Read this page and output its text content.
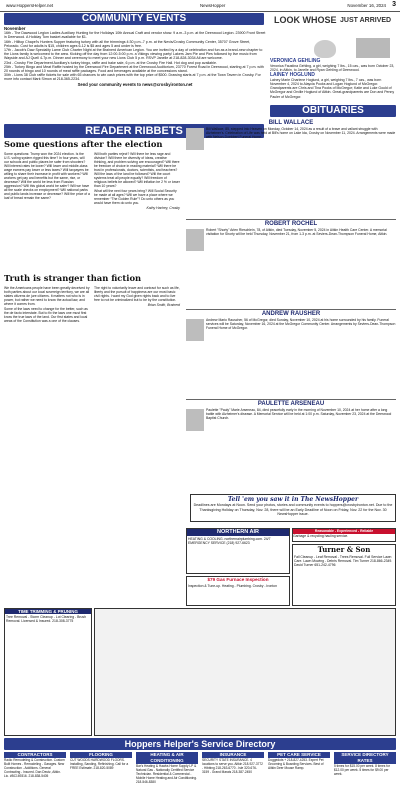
www.HoppersHelper.net	NewsHopper	November 16, 2024 3
COMMUNITY EVENTS

November

16th - The Dawwood Legion Ladies Auxiliary Hunting for the Holidays 10th Annual Craft and vendor show. 9 a.m.-3 p.m. at the Deerwood Legion. 23900 Front Street in Deerwood. A Holiday Tom basket available for $1.

16th - Hilltop Chapel's Hunters Supper featuring turkey with all the trimmings 4:30 p.m.-7 p.m. at the Nevis/Crosby Community Center, 35707 Grove Street, Pelorado. Cost for adults is $15, children ages 6-12 is $5 and ages 5 and under is free.

17th - Jacob's Daw Speciality Lame Club Charter Night at the Brainerd American Legion. You are invited by a day of celebration and fun as a brand-new chapter to the Lions family is welcomed to the area. Kicking off the day from 12:00-5:00 p.m. a Vikings viewing party! Lakers Jam Pie and Pies followed by live music from Wayside and AJ Quell 4-7p.m. Dinner and ceremony to meet your new Lions Club 5 p.m. RSVP Janelle at 218-828-3034 All are welcome.

23rd - Crosby Fire Department Auxiliary's turkey bingo, raffle and bake sale, 6 p.m. at the Crosby Fire Hall. Hot dog and pop available.

25th - Turkey Bingo and Meat Raffle hosted by the Deerwood Fire Department at the Deerwood Auditorium, 23770 Forest Road in Deerwood, starting at 7 p.m. with 20 rounds of bingo and 10 rounds of meat raffle packages. Food and beverages available at the concessions stand.

30th - Lions 38 Club raffle tickets for sale with 65 chances to win cash prizes with the top prize of $500. Drawing starts at 7 p.m. at the Town Tavern in Crosby. For more info contact Mark Simon at 218-365-2234.

Send your community events to news@crosbyironton.net

LOOK WHOSE JUST ARRIVED
VERONICA GEHLING
Veronica Faustina Gehling, a girl, weighing 7 lbs., 15 ozs., was born October 23, 2024, in Aitkin, to Janelle and Ryan Gehling of Deerwood.
LAINEY HOGLUND
Lainey Marie Charlene Hoglund, a girl, weighing 7 lbs., 7 ozs., was born November 4, 2024 to Alaycia Pooks and Logan Hoglund of McGregor. Grandparents are Chris and Tina Pooks of McGregor; Katie and Luke Gould of McGregor and Orville Hoglund of Aitkin. Great-grandparents are Don and Penny Pauler of McGregor.
READER RIBBETS
Some questions after the election

Some questions: Trump won the 2024 election. Is the U.S. voting system rigged this time? In four years, will our schools and public places be safer from shooters? Will interest rates be lower? Will lower and middle-class wage earners pay lower or less taxes? Will taxpayers be willing to share their increase in profit with workers? Will workers get pay and benefits but the same, rise, or decrease? Will the world be less from Russian aggression? Will this global world be safer? Will we have all the scale checks on employment? Will national parks and public lands increase or decrease? Will the price of a loaf of bread remain the same?

Will both parties reject? Will there be less rage and division? Will there be diversity of ideas, creative thinking, and problem solving are encouraged? Will there be freedom of choice in reading material? Will there be trust in professionals, doctors, scientists, and teachers? Will the laws of the land be followed? Will the court systems treat all people equally? Will freedom of religious beliefs be allowed? Will inflation be 2 % or lower than 10 years?

What will the next four years bring? Will Social Security be made at all ages? Will we have a place where we remember “The Golden Rule”? Do unto others as you would have them do unto you.

Kathy Hachey, Crosby

Truth is stranger than fiction

We the Americans people have been greatly deceived by both parties about our local sovereign territory, we are all states citizens de jure citizens. It matters not who is in power, but rather we need to know the actual law, and where it comes from.

Some of the laws need to change for the better, such as the de facto interstate. But to fix the laws one must first know the true laws of the land. Our first states and local areas of the Constitution was a one of the clauses.

The right to voluntarily leave and contract for such as life, liberty and the pursuit of happiness are our most basic civil rights. I want my God given rights back and to live free to not be criminalized but to be by the constitution.

Brian Smith, Brainerd

OBITUARIES
BILL WALLACE
Bill Wallace, 85, stepped into Heaven on Monday, October 14, 2024 as a result of a brave and valiant struggle with Alzheimer's. Celebration of Life was held at Bill's home on Lake Ida, Crosby on November 11, 2024. Arrangements were made with Nelson-Doebbert Funeral Home.
ROBERT ROCHEL
Robert "Shorty" Arlen Rieschlein, 78, of Aitkin, died Tuesday, November 5, 2024 in Aitkin Health Care Center. A memorial visitation for Shorty will be held Thursday, November 21, from 1-3 p.m. at Seviers-Dean-Thompson Funeral Home, Aitkin.
ANDREW RAUSHER
Andrew Mario Rauscher, 56 of McGregor, died Sunday, November 10, 2024 at his home surrounded by his family. Funeral services will be Saturday, November 16, 2024 at the McGregor Community Center. Arrangements by Seviers-Dean-Thompson Funeral Home of McGregor.
PAULETTE ARSENEAU
Paulette "Pauly" Marie Arseneau, 84, died peacefully early in the morning of November 10, 2024 at her home after a long battle with Alzheimer's disease. A Memorial Service will be held at 1:00 p.m. Saturday, November 23, 2024 at the Deerwood Baptist Church.
Tell 'em you saw it in The NewsHopper
Deadlines are Mondays at Noon. Send your photos, stories and community events to hoppers@crosbyironton.net. Due to the Thanksgiving Holiday on Thursday, Nov. 28, there will be an Early Deadline of Noon on Friday, Nov. 22 for the Nov. 30 NewsHopper issue.
NORTHERN AIR
HEATING & COOLING. northernairplumbing.com. 24/7 EMERGENCY SERVICE (218) 927-6623
Reasonable - Experienced - Reliable
Garbage & recycling hauling service.
Turner & Son
Fall Cleanup - Leaf Removal - Trees Removal. Full Service Lawn Care. Lawn Mowing - Debris Removal. Tim Turner 218-866-2349. David Turner 651-242-4796
$79 Gas Furnace Inspection
Inspection & Tune-up. Heating - Plumbing. Crosby - Ironton
TIME TRIMMING & PRUNING
Tree Removal - Storm Cleanup - Lot Clearing - Brush Removal. Licensed & Insured. 218-308-3775
Hoppers Helper's Service Directory
CONTRACTORS
Radio Remodeling & Construction. Custom Built Homes - Remodeling - Garages. New Construction - Additions. General Contracting - Insured. Dan Deutz, Aitkin. Lic. #BC169316. 218-838-5405
FLOORING
CUT WOODS HARDWOOD FLOORS. Installing, Sanding, Refinishing. Call for a FREE Estimate. 218-820-5089
HEATING & AIR CONDITIONING
Bar's Heating & Hawks Home Supply LP & Natural Gas - Nationally Certified Service Technician. Residential & Commercial - Mobile Home Heating and Air Conditioning. 218-546-8380
INSURANCE
SECURITY STATE INSURANCE. 4 locations to serve you. Aitkin 218-927-3772 - Hibbing 218-263-6770 - Isle 320-676-3159 - Grand Marais 218-387-2450
PET CARE SERVICE
Doggedots + 218-827-4253. Expert Pet Grooming & Boarding Services. Best of Aitkin Deer Mouse Ramp.
SERVICE DIRECTORY RATES
5 times for $15.00 per week. 8 times for $12.00 per week. 5 times for $9.00 per week.
